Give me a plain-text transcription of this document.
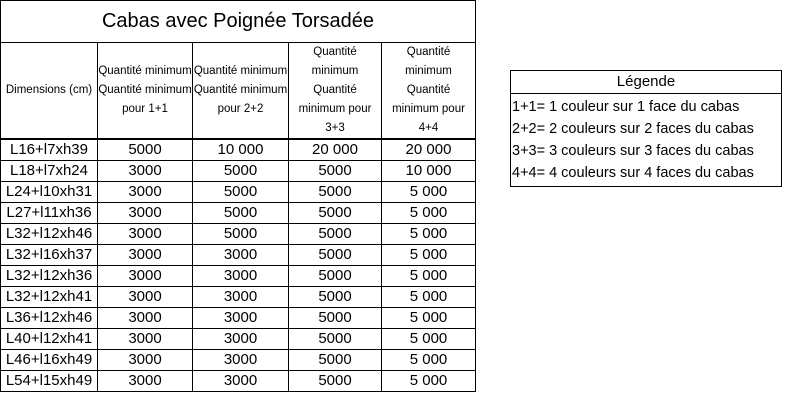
Cabas avec Poignée Torsadée				
Dimensions (cm)	Quantité minimum Quantité minimum pour 1+1	Quantité minimum Quantité minimum pour 2+2	Quantité minimum Quantité minimum pour 3+3	Quantité minimum Quantité minimum pour 4+4
L16+l7xh39	5000	10 000	20 000	20 000
L18+l7xh24	3000	5000	5000	10 000
L24+l10xh31	3000	5000	5000	5 000
L27+l11xh36	3000	5000	5000	5 000
L32+l12xh46	3000	5000	5000	5 000
L32+l16xh37	3000	3000	5000	5 000
L32+l12xh36	3000	3000	5000	5 000
L32+l12xh41	3000	3000	5000	5 000
L36+l12xh46	3000	3000	5000	5 000
L40+l12xh41	3000	3000	5000	5 000
L46+l16xh49	3000	3000	5000	5 000
L54+l15xh49	3000	3000	5000	5 000
Légende
1+1= 1 couleur sur 1 face du cabas
2+2= 2 couleurs sur 2 faces du cabas
3+3= 3 couleurs sur 3 faces du cabas
4+4= 4 couleurs sur 4 faces du cabas
